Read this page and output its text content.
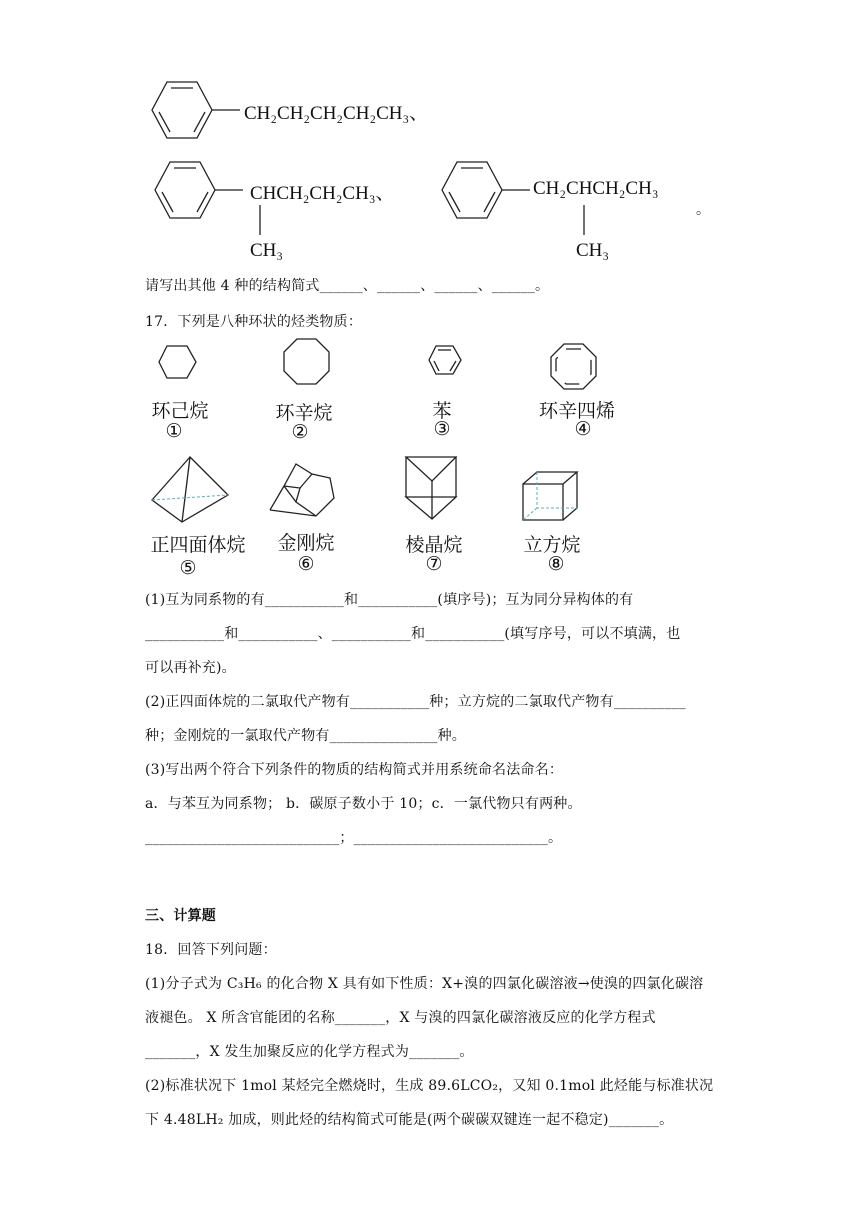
CH₂CH₂CH₂CH₂CH₃、
CHCH₂CH₂CH₃、
CH₃
CH₂CHCH₂CH₃
。
CH₃
请写出其他 4 种的结构简式______、______、______、______。
17．下列是八种环状的烃类物质：
环己烷
①
环辛烷
②
苯
③
环辛四烯
④
正四面体烷
⑤
金刚烷
⑥
棱晶烷
⑦
立方烷
⑧
(1)互为同系物的有___________和___________(填序号)；互为同分异构体的有
___________和___________、___________和___________(填写序号，可以不填满，也
可以再补充)。
(2)正四面体烷的二氯取代产物有___________种；立方烷的二氯取代产物有__________
种；金刚烷的一氯取代产物有_______________种。
(3)写出两个符合下列条件的物质的结构简式并用系统命名法命名：
a．与苯互为同系物； b．碳原子数小于 10；c．一氯代物只有两种。
___________________________；___________________________。
三、计算题
18．回答下列问题：
(1)分子式为 C₃H₆ 的化合物 X 具有如下性质：X+溴的四氯化碳溶液→使溴的四氯化碳溶
液褪色。 X 所含官能团的名称_______，X 与溴的四氯化碳溶液反应的化学方程式
_______，X 发生加聚反应的化学方程式为_______。
(2)标准状况下 1mol 某烃完全燃烧时，生成 89.6LCO₂，又知 0.1mol 此烃能与标准状况
下 4.48LH₂ 加成，则此烃的结构简式可能是(两个碳碳双键连一起不稳定)_______。
